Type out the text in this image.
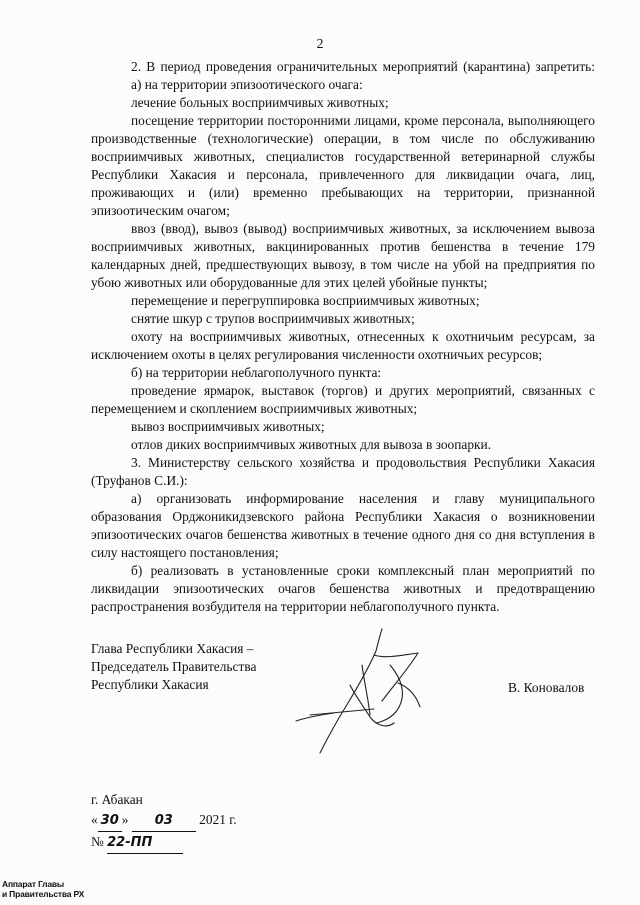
2

2. В период проведения ограничительных мероприятий (карантина) запретить:

а) на территории эпизоотического очага:

лечение больных восприимчивых животных;

посещение территории посторонними лицами, кроме персонала, выполняющего производственные (технологические) операции, в том числе по обслуживанию восприимчивых животных, специалистов государственной ветеринарной службы Республики Хакасия и персонала, привлеченного для ликвидации очага, лиц, проживающих и (или) временно пребывающих на территории, признанной эпизоотическим очагом;

ввоз (ввод), вывоз (вывод) восприимчивых животных, за исключением вывоза восприимчивых животных, вакцинированных против бешенства в течение 179 календарных дней, предшествующих вывозу, в том числе на убой на предприятия по убою животных или оборудованные для этих целей убойные пункты;

перемещение и перегруппировка восприимчивых животных;

снятие шкур с трупов восприимчивых животных;

охоту на восприимчивых животных, отнесенных к охотничьим ресурсам, за исключением охоты в целях регулирования численности охотничьих ресурсов;

б) на территории неблагополучного пункта:

проведение ярмарок, выставок (торгов) и других мероприятий, связанных с перемещением и скоплением восприимчивых животных;

вывоз восприимчивых животных;

отлов диких восприимчивых животных для вывоза в зоопарки.

3. Министерству сельского хозяйства и продовольствия Республики Хакасия (Труфанов С.И.):

а) организовать информирование населения и главу муниципального образования Орджоникидзевского района Республики Хакасия о возникновении эпизоотических очагов бешенства животных в течение одного дня со дня вступления в силу настоящего постановления;

б) реализовать в установленные сроки комплексный план мероприятий по ликвидации эпизоотических очагов бешенства животных и предотвращению распространения возбудителя на территории неблагополучного пункта.

Глава Республики Хакасия –
Председатель Правительства
Республики Хакасия	В. Коновалов
г. Абакан
« 30 » 03 2021 г.
№ 22-ПП
Аппарат Главы
и Правительства РХ
